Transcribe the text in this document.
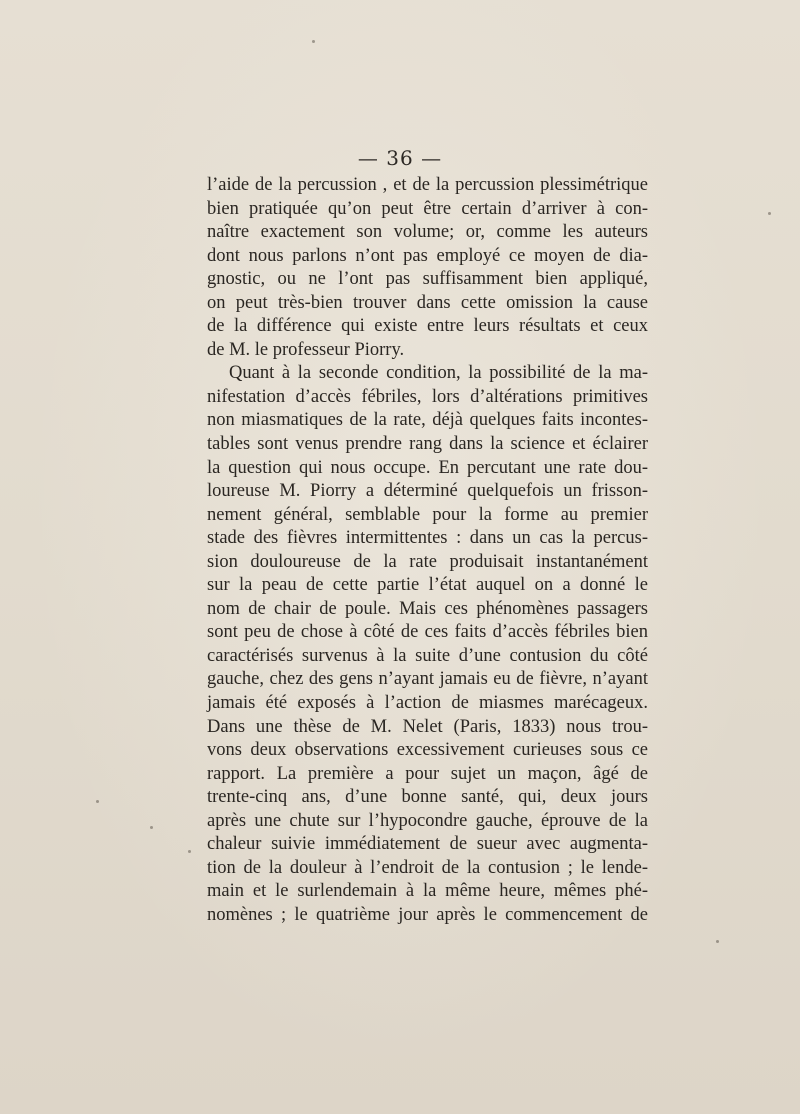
— 36 —
l’aide de la percussion , et de la percussion plessimétrique
bien pratiquée qu’on peut être certain d’arriver à con-
naître exactement son volume; or, comme les auteurs
dont nous parlons n’ont pas employé ce moyen de dia-
gnostic, ou ne l’ont pas suffisamment bien appliqué,
on peut très-bien trouver dans cette omission la cause
de la différence qui existe entre leurs résultats et ceux
de M. le professeur Piorry.
Quant à la seconde condition, la possibilité de la ma-
nifestation d’accès fébriles, lors d’altérations primitives
non miasmatiques de la rate, déjà quelques faits incontes-
tables sont venus prendre rang dans la science et éclairer
la question qui nous occupe. En percutant une rate dou-
loureuse M. Piorry a déterminé quelquefois un frisson-
nement général, semblable pour la forme au premier
stade des fièvres intermittentes : dans un cas la percus-
sion douloureuse de la rate produisait instantanément
sur la peau de cette partie l’état auquel on a donné le
nom de chair de poule. Mais ces phénomènes passagers
sont peu de chose à côté de ces faits d’accès fébriles bien
caractérisés survenus à la suite d’une contusion du côté
gauche, chez des gens n’ayant jamais eu de fièvre, n’ayant
jamais été exposés à l’action de miasmes marécageux.
Dans une thèse de M. Nelet (Paris, 1833) nous trou-
vons deux observations excessivement curieuses sous ce
rapport. La première a pour sujet un maçon, âgé de
trente-cinq ans, d’une bonne santé, qui, deux jours
après une chute sur l’hypocondre gauche, éprouve de la
chaleur suivie immédiatement de sueur avec augmenta-
tion de la douleur à l’endroit de la contusion ; le lende-
main et le surlendemain à la même heure, mêmes phé-
nomènes ; le quatrième jour après le commencement de
